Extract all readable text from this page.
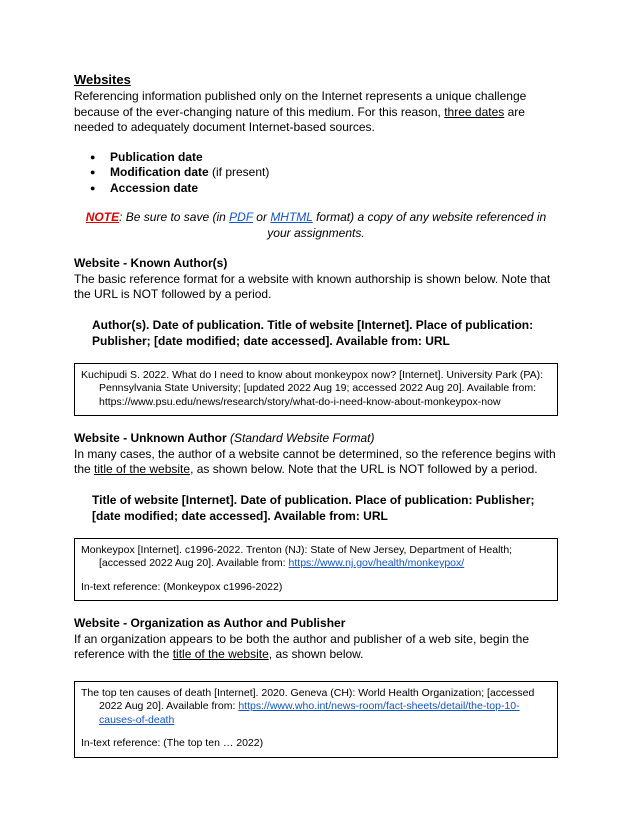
Websites

Referencing information published only on the Internet represents a unique challenge because of the ever-changing nature of this medium. For this reason, three dates are needed to adequately document Internet-based sources.

● Publication date
● Modification date (if present)
● Accession date
NOTE: Be sure to save (in PDF or MHTML format) a copy of any website referenced in your assignments.
Website - Known Author(s)

The basic reference format for a website with known authorship is shown below. Note that the URL is NOT followed by a period.

Author(s). Date of publication. Title of website [Internet]. Place of publication: Publisher; [date modified; date accessed]. Available from: URL
Kuchipudi S. 2022. What do I need to know about monkeypox now? [Internet]. University Park (PA): Pennsylvania State University; [updated 2022 Aug 19; accessed 2022 Aug 20]. Available from: https://www.psu.edu/news/research/story/what-do-i-need-know-about-monkeypox-now
Website - Unknown Author (Standard Website Format)

In many cases, the author of a website cannot be determined, so the reference begins with the title of the website, as shown below. Note that the URL is NOT followed by a period.

Title of website [Internet]. Date of publication. Place of publication: Publisher; [date modified; date accessed]. Available from: URL
Monkeypox [Internet]. c1996-2022. Trenton (NJ): State of New Jersey, Department of Health; [accessed 2022 Aug 20]. Available from: https://www.nj.gov/health/monkeypox/
In-text reference: (Monkeypox c1996-2022)
Website - Organization as Author and Publisher

If an organization appears to be both the author and publisher of a web site, begin the reference with the title of the website, as shown below.

The top ten causes of death [Internet]. 2020. Geneva (CH): World Health Organization; [accessed 2022 Aug 20]. Available from: https://www.who.int/news-room/fact-sheets/detail/the-top-10-causes-of-death
In-text reference: (The top ten … 2022)
